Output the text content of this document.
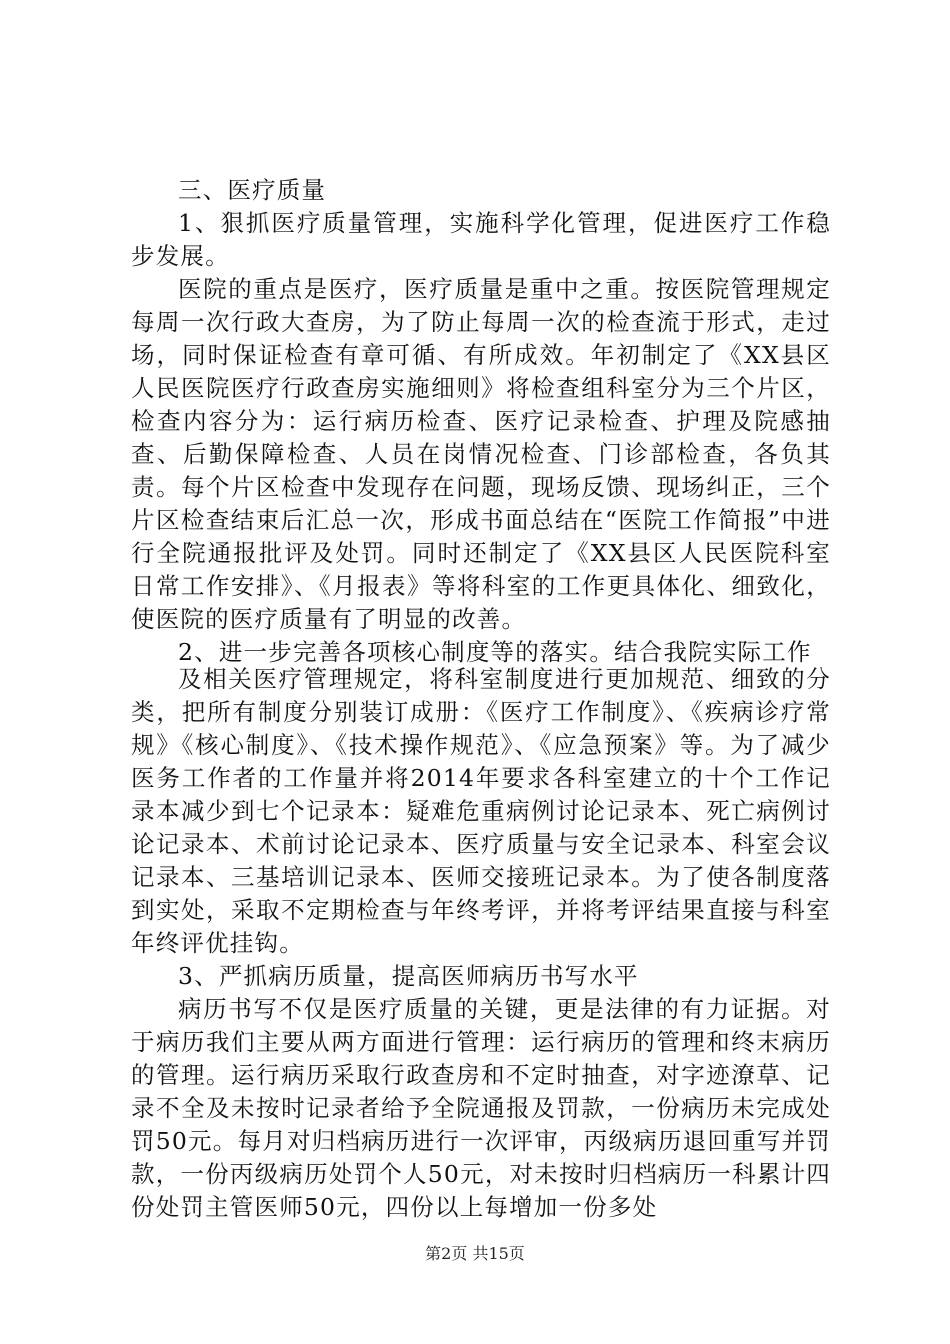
三、医疗质量

1、狠抓医疗质量管理，实施科学化管理，促进医疗工作稳步发展。

医院的重点是医疗，医疗质量是重中之重。按医院管理规定每周一次行政大查房，为了防止每周一次的检查流于形式，走过场，同时保证检查有章可循、有所成效。年初制定了《XX县区人民医院医疗行政查房实施细则》将检查组科室分为三个片区，检查内容分为：运行病历检查、医疗记录检查、护理及院感抽查、后勤保障检查、人员在岗情况检查、门诊部检查，各负其责。每个片区检查中发现存在问题，现场反馈、现场纠正，三个片区检查结束后汇总一次，形成书面总结在“医院工作简报”中进行全院通报批评及处罚。同时还制定了《XX县区人民医院科室日常工作安排》、《月报表》等将科室的工作更具体化、细致化，使医院的医疗质量有了明显的改善。

2、进一步完善各项核心制度等的落实。结合我院实际工作

及相关医疗管理规定，将科室制度进行更加规范、细致的分类，把所有制度分别装订成册：《医疗工作制度》、《疾病诊疗常规》《核心制度》、《技术操作规范》、《应急预案》等。为了减少医务工作者的工作量并将2014年要求各科室建立的十个工作记录本减少到七个记录本：疑难危重病例讨论记录本、死亡病例讨论记录本、术前讨论记录本、医疗质量与安全记录本、科室会议记录本、三基培训记录本、医师交接班记录本。为了使各制度落到实处，采取不定期检查与年终考评，并将考评结果直接与科室年终评优挂钩。

3、严抓病历质量，提高医师病历书写水平

病历书写不仅是医疗质量的关键，更是法律的有力证据。对于病历我们主要从两方面进行管理：运行病历的管理和终末病历的管理。运行病历采取行政查房和不定时抽查，对字迹潦草、记录不全及未按时记录者给予全院通报及罚款，一份病历未完成处罚50元。每月对归档病历进行一次评审，丙级病历退回重写并罚款，一份丙级病历处罚个人50元，对未按时归档病历一科累计四份处罚主管医师50元，四份以上每增加一份多处

第2页 共15页
